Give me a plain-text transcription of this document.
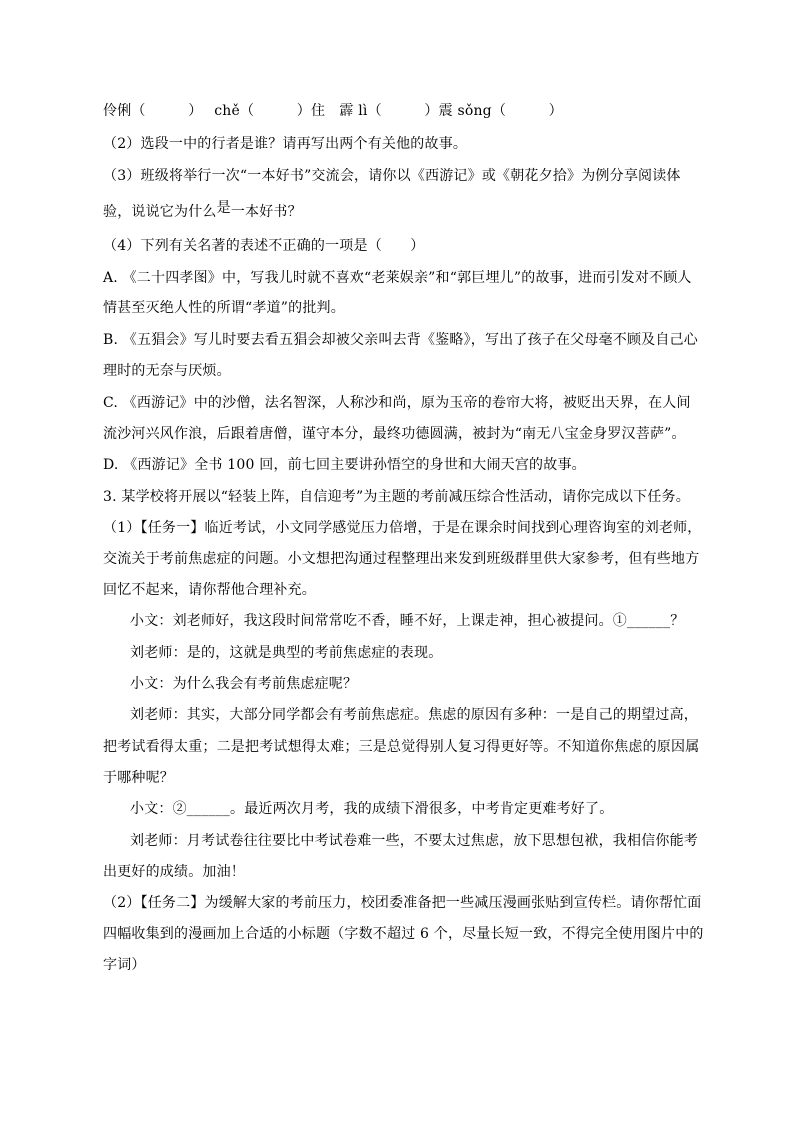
伶俐（　　　）　 chě（　　　）住　霹 lì（　　　）震 sǒng（　　　）
（2）选段一中的行者是谁？请再写出两个有关他的故事。
（3）班级将举行一次“一本好书”交流会，请你以《西游记》或《朝花夕拾》为例分享阅读体
验，说说它为什么是一本好书？
（4）下列有关名著的表述不正确的一项是（　　）
A. 《二十四孝图》中，写我儿时就不喜欢“老莱娱亲”和“郭巨埋儿”的故事，进而引发对不顾人
情甚至灭绝人性的所谓“孝道”的批判。
B. 《五猖会》写儿时要去看五猖会却被父亲叫去背《鉴略》，写出了孩子在父母毫不顾及自己心
理时的无奈与厌烦。
C. 《西游记》中的沙僧，法名智深，人称沙和尚，原为玉帝的卷帘大将，被贬出天界，在人间
流沙河兴风作浪，后跟着唐僧，谨守本分，最终功德圆满，被封为“南无八宝金身罗汉菩萨”。
D. 《西游记》全书 100 回，前七回主要讲孙悟空的身世和大闹天宫的故事。
3. 某学校将开展以“轻装上阵，自信迎考”为主题的考前减压综合性活动，请你完成以下任务。
（1）【任务一】临近考试，小文同学感觉压力倍增，于是在课余时间找到心理咨询室的刘老师，
交流关于考前焦虑症的问题。小文想把沟通过程整理出来发到班级群里供大家参考，但有些地方
回忆不起来，请你帮他合理补充。
小文：刘老师好，我这段时间常常吃不香，睡不好，上课走神，担心被提问。①______？
刘老师：是的，这就是典型的考前焦虑症的表现。
小文：为什么我会有考前焦虑症呢？
刘老师：其实，大部分同学都会有考前焦虑症。焦虑的原因有多种：一是自己的期望过高，
把考试看得太重；二是把考试想得太难；三是总觉得别人复习得更好等。不知道你焦虑的原因属
于哪种呢？
小文：②______。最近两次月考，我的成绩下滑很多，中考肯定更难考好了。
刘老师：月考试卷往往要比中考试卷难一些，不要太过焦虑，放下思想包袱，我相信你能考
出更好的成绩。加油！
（2）【任务二】为缓解大家的考前压力，校团委准备把一些减压漫画张贴到宣传栏。请你帮忙面
四幅收集到的漫画加上合适的小标题（字数不超过 6 个，尽量长短一致，不得完全使用图片中的
字词）
